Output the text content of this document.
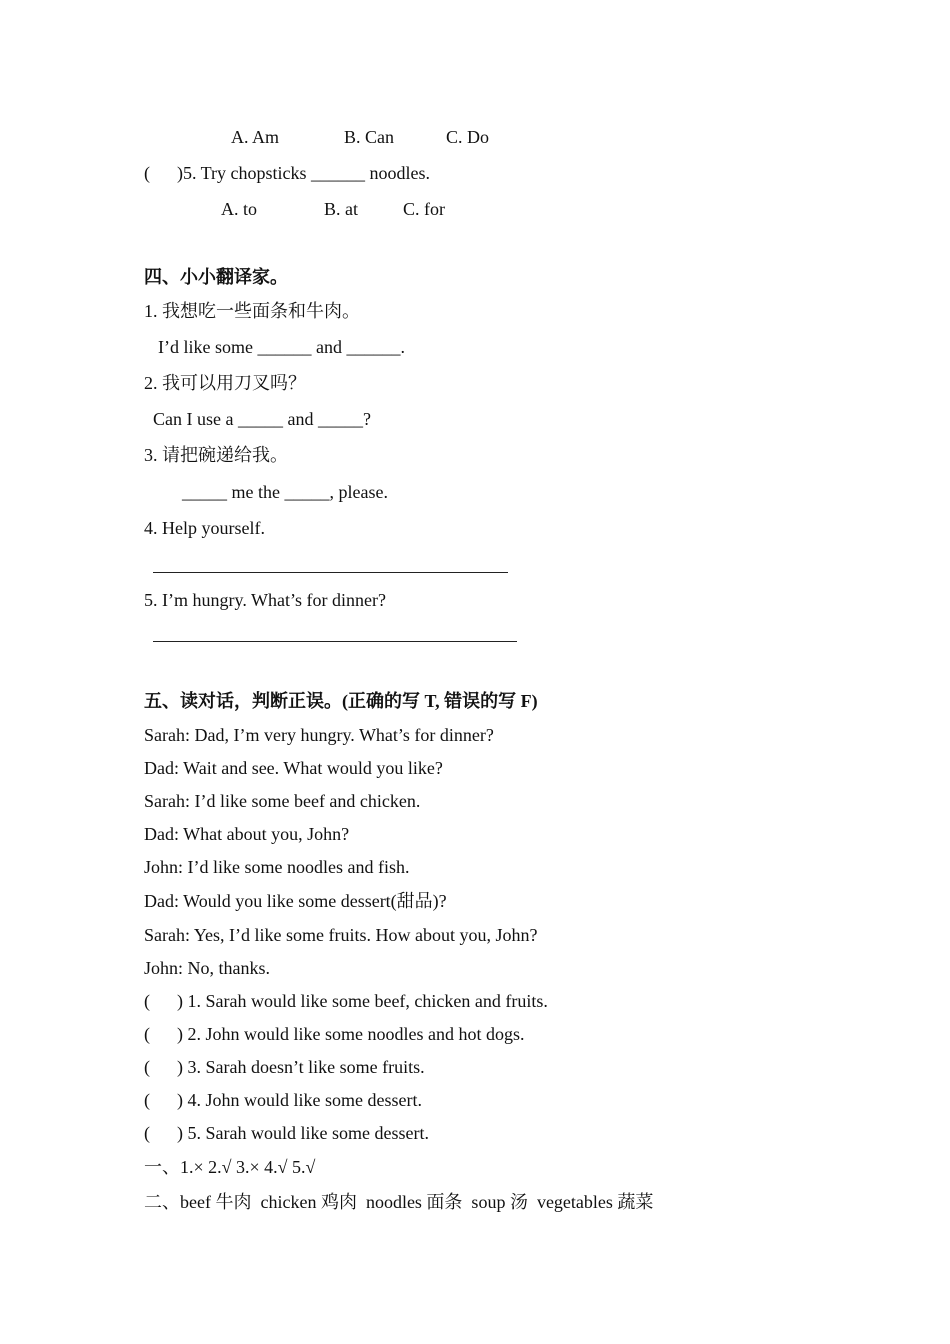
A. Am	B. Can	C. Do
(      )5. Try chopsticks ______ noodles.
A. to	B. at	C. for
四、小小翻译家。
1. 我想吃一些面条和牛肉。
I’d like some ______ and ______.
2. 我可以用刀叉吗？
Can I use a _____ and _____?
3. 请把碗递给我。
_____ me the _____, please.
4. Help yourself.
5. I’m hungry. What’s for dinner?
五、读对话，判断正误。(正确的写 T, 错误的写 F)
Sarah: Dad, I’m very hungry. What’s for dinner?
Dad: Wait and see. What would you like?
Sarah: I’d like some beef and chicken.
Dad: What about you, John?
John: I’d like some noodles and fish.
Dad: Would you like some dessert(甜品)?
Sarah: Yes, I’d like some fruits. How about you, John?
John: No, thanks.
(      ) 1. Sarah would like some beef, chicken and fruits.
(      ) 2. John would like some noodles and hot dogs.
(      ) 3. Sarah doesn’t like some fruits.
(      ) 4. John would like some dessert.
(      ) 5. Sarah would like some dessert.
一、1.× 2.√ 3.× 4.√ 5.√
二、beef 牛肉  chicken 鸡肉  noodles 面条  soup 汤  vegetables 蔬菜
